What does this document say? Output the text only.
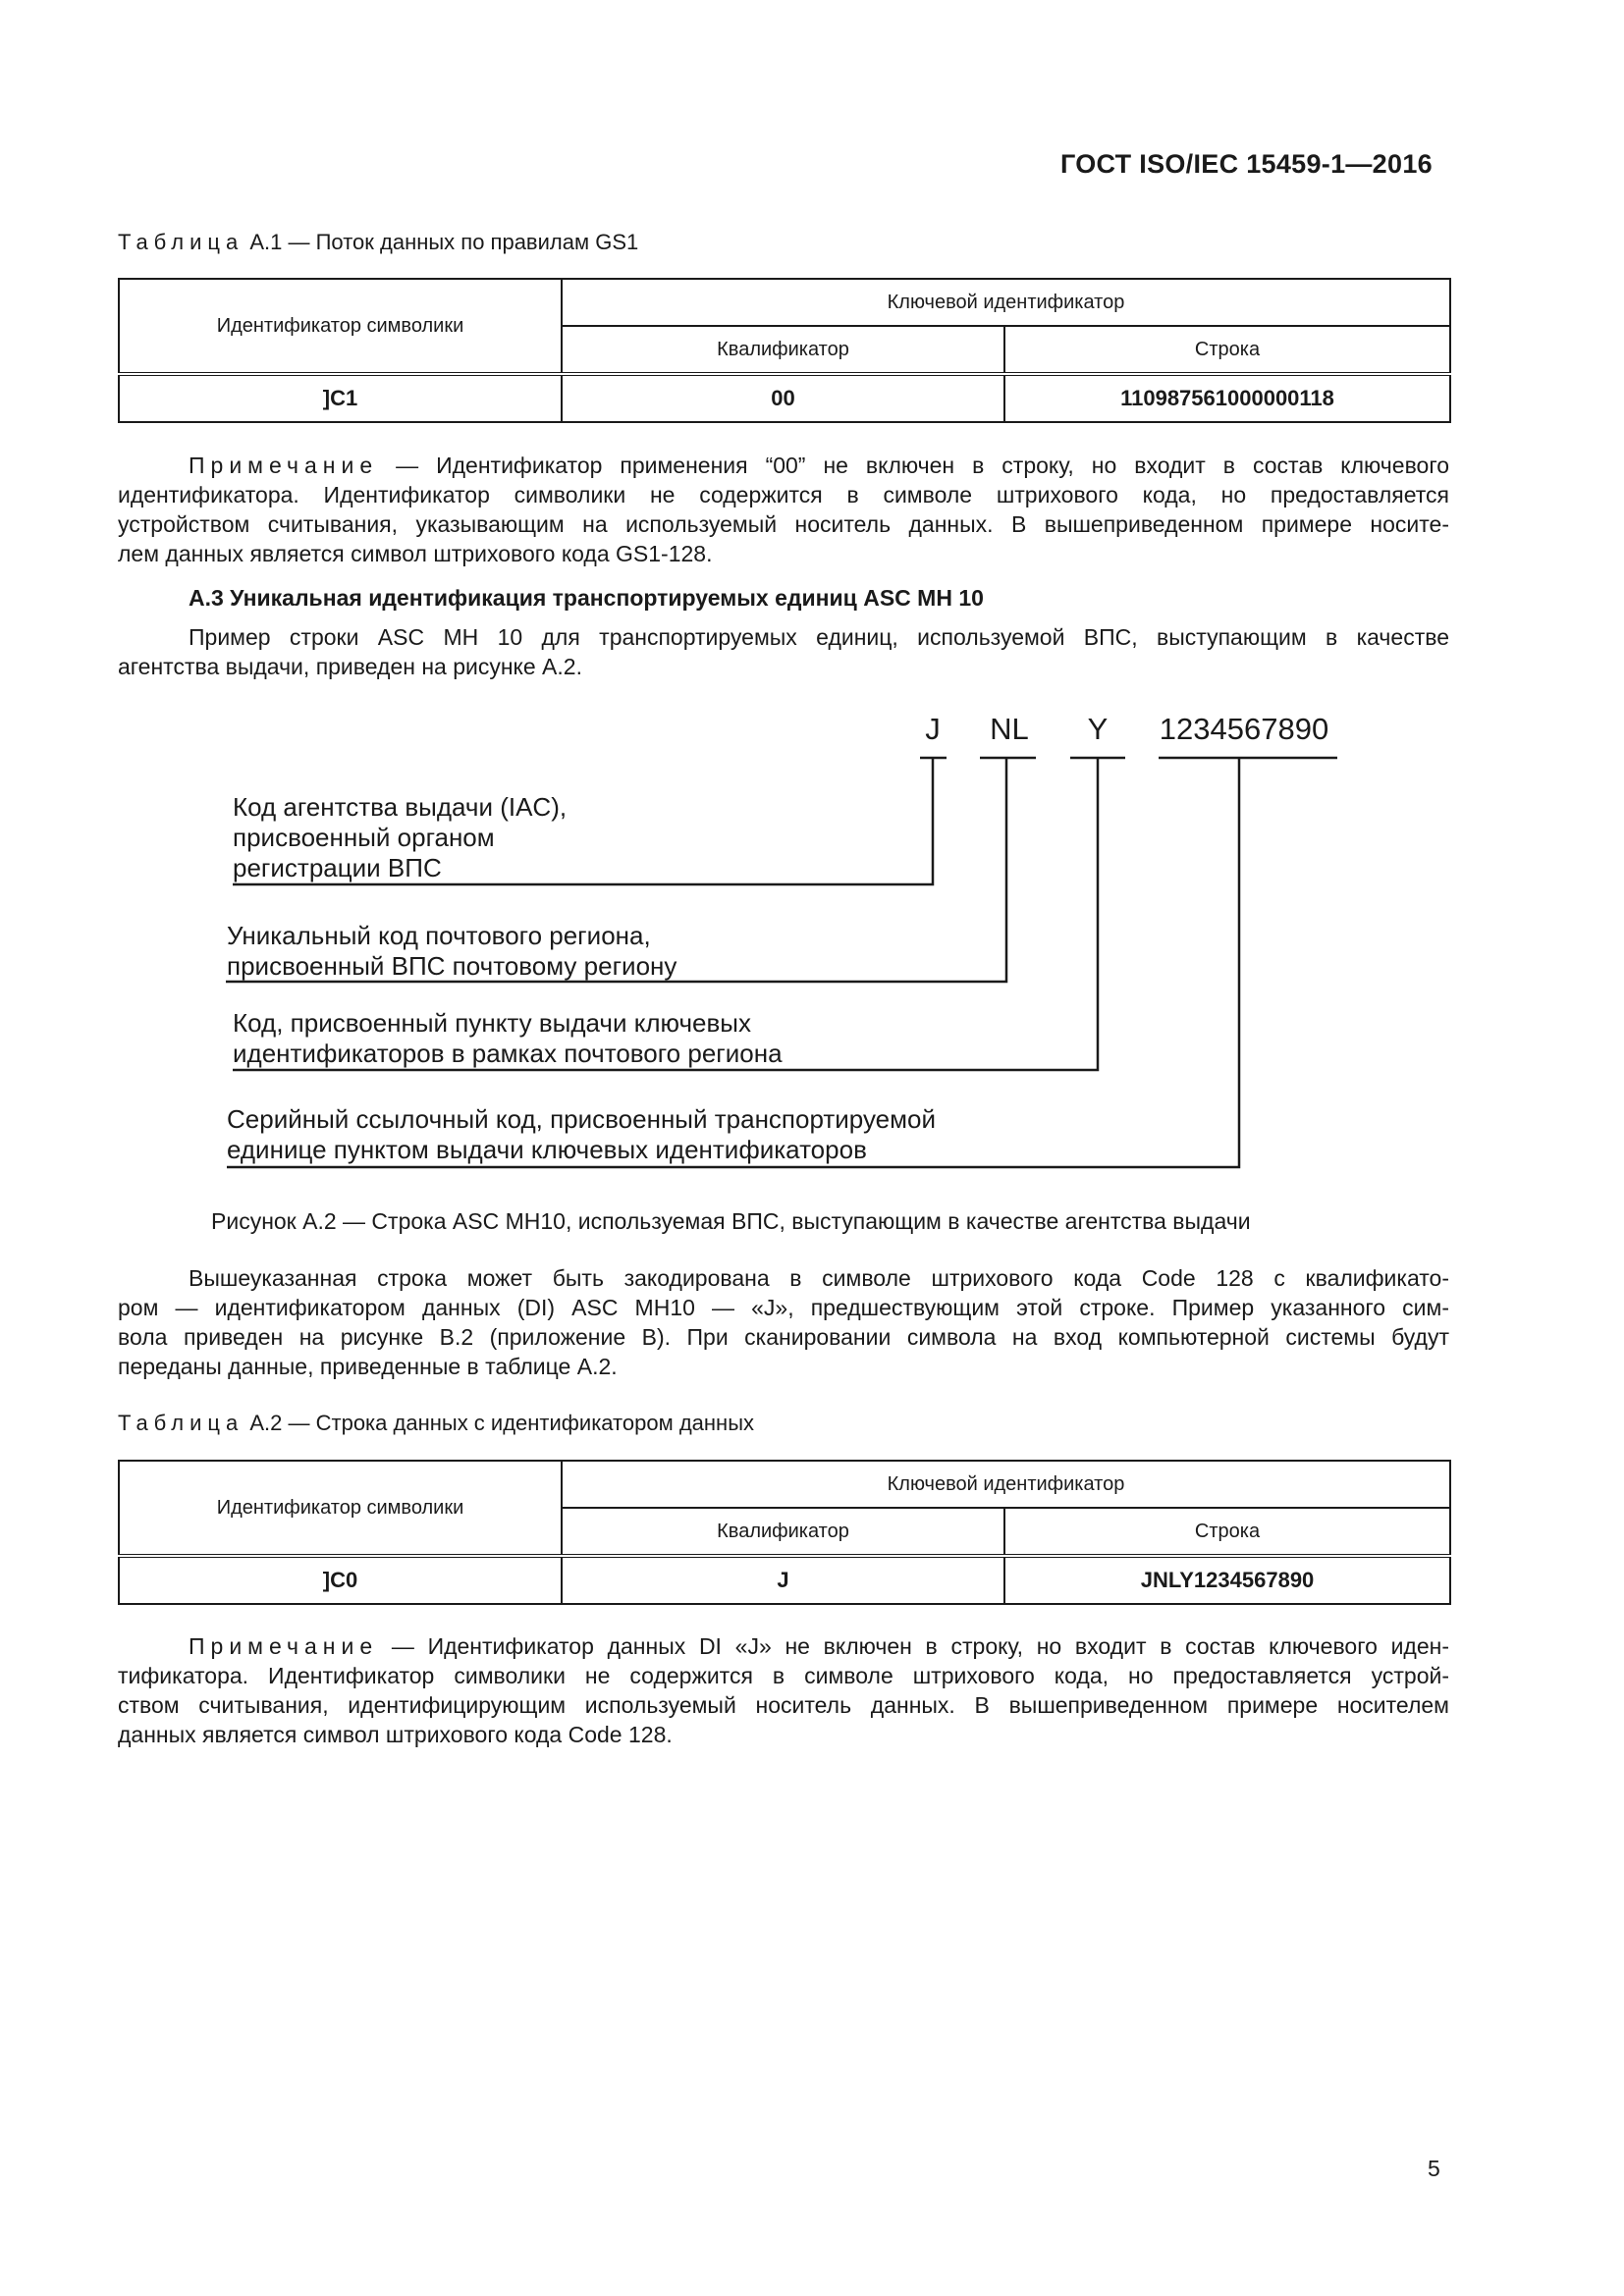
ГОСТ ISO/IEC 15459-1—2016
Таблица А.1 — Поток данных по правилам GS1
Идентификатор символики	Ключевой идентификатор	
	Квалификатор	Строка
]C1	00	110987561000000118
Примечание — Идентификатор применения “00” не включен в строку, но входит в состав ключевого
идентификатора. Идентификатор символики не содержится в символе штрихового кода, но предоставляется
устройством считывания, указывающим на используемый носитель данных. В вышеприведенном примере носите-
лем данных является символ штрихового кода GS1-128.
А.3 Уникальная идентификация транспортируемых единиц ASC MH 10
Пример строки ASC MH 10 для транспортируемых единиц, используемой ВПС, выступающим в качестве
агентства выдачи, приведен на рисунке А.2.
J NL Y 1234567890
Код агентства выдачи (IAC),
присвоенный органом
регистрации ВПС
Уникальный код почтового региона,
присвоенный ВПС почтовому региону
Код, присвоенный пункту выдачи ключевых
идентификаторов в рамках почтового региона
Серийный ссылочный код, присвоенный транспортируемой
единице пунктом выдачи ключевых идентификаторов
Рисунок А.2 — Строка ASC MH10, используемая ВПС, выступающим в качестве агентства выдачи
Вышеуказанная строка может быть закодирована в символе штрихового кода Code 128 с квалификато-
ром — идентификатором данных (DI) ASC MH10 — «J», предшествующим этой строке. Пример указанного сим-
вола приведен на рисунке В.2 (приложение В). При сканировании символа на вход компьютерной системы будут
переданы данные, приведенные в таблице А.2.
Таблица А.2 — Строка данных с идентификатором данных
Идентификатор символики	Ключевой идентификатор	
	Квалификатор	Строка
]C0	J	JNLY1234567890
Примечание — Идентификатор данных DI «J» не включен в строку, но входит в состав ключевого иден-
тификатора. Идентификатор символики не содержится в символе штрихового кода, но предоставляется устрой-
ством считывания, идентифицирующим используемый носитель данных. В вышеприведенном примере носителем
данных является символ штрихового кода Code 128.
5
